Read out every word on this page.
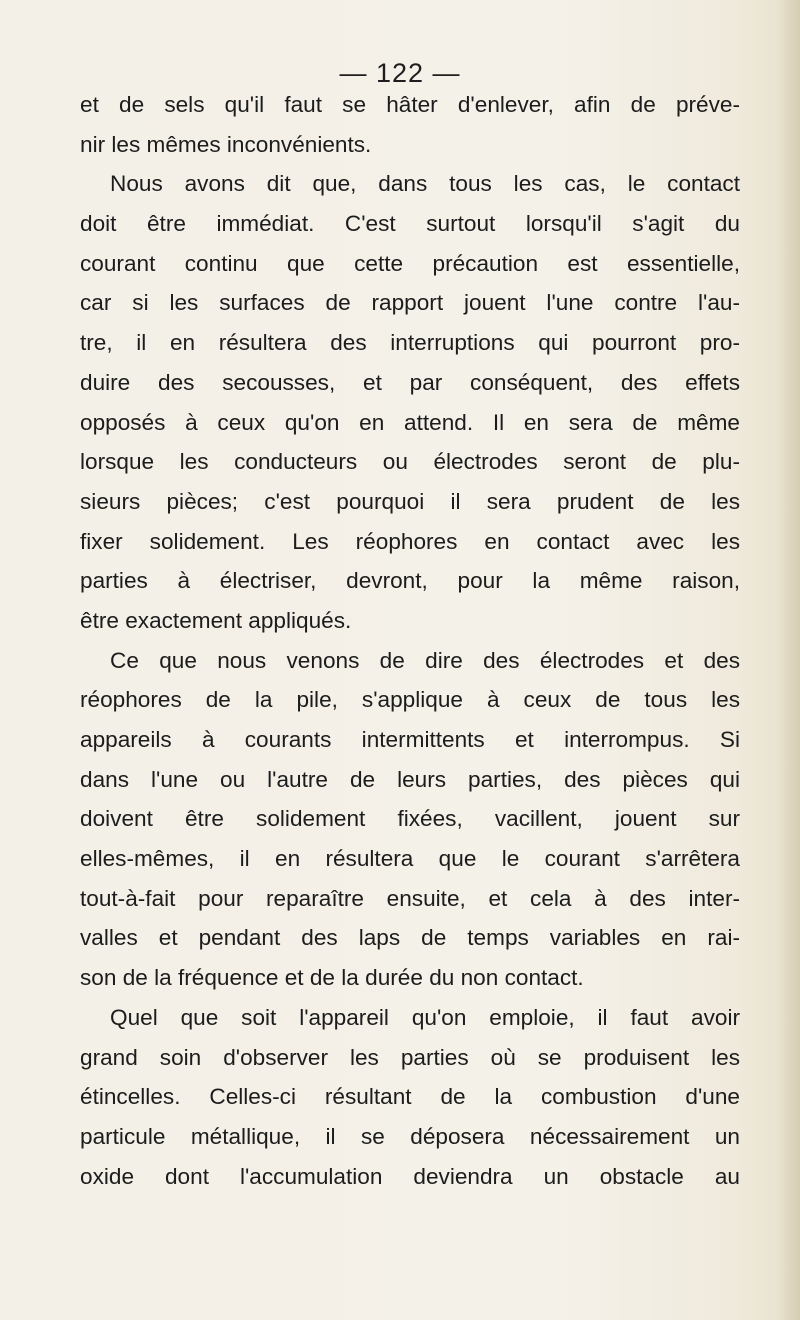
— 122 —
et de sels qu'il faut se hâter d'enlever, afin de préve-
nir les mêmes inconvénients.
Nous avons dit que, dans tous les cas, le contact
doit être immédiat. C'est surtout lorsqu'il s'agit du
courant continu que cette précaution est essentielle,
car si les surfaces de rapport jouent l'une contre l'au-
tre, il en résultera des interruptions qui pourront pro-
duire des secousses, et par conséquent, des effets
opposés à ceux qu'on en attend. Il en sera de même
lorsque les conducteurs ou électrodes seront de plu-
sieurs pièces; c'est pourquoi il sera prudent de les
fixer solidement. Les réophores en contact avec les
parties à électriser, devront, pour la même raison,
être exactement appliqués.
Ce que nous venons de dire des électrodes et des
réophores de la pile, s'applique à ceux de tous les
appareils à courants intermittents et interrompus. Si
dans l'une ou l'autre de leurs parties, des pièces qui
doivent être solidement fixées, vacillent, jouent sur
elles-mêmes, il en résultera que le courant s'arrêtera
tout-à-fait pour reparaître ensuite, et cela à des inter-
valles et pendant des laps de temps variables en rai-
son de la fréquence et de la durée du non contact.
Quel que soit l'appareil qu'on emploie, il faut avoir
grand soin d'observer les parties où se produisent les
étincelles. Celles-ci résultant de la combustion d'une
particule métallique, il se déposera nécessairement un
oxide dont l'accumulation deviendra un obstacle au
